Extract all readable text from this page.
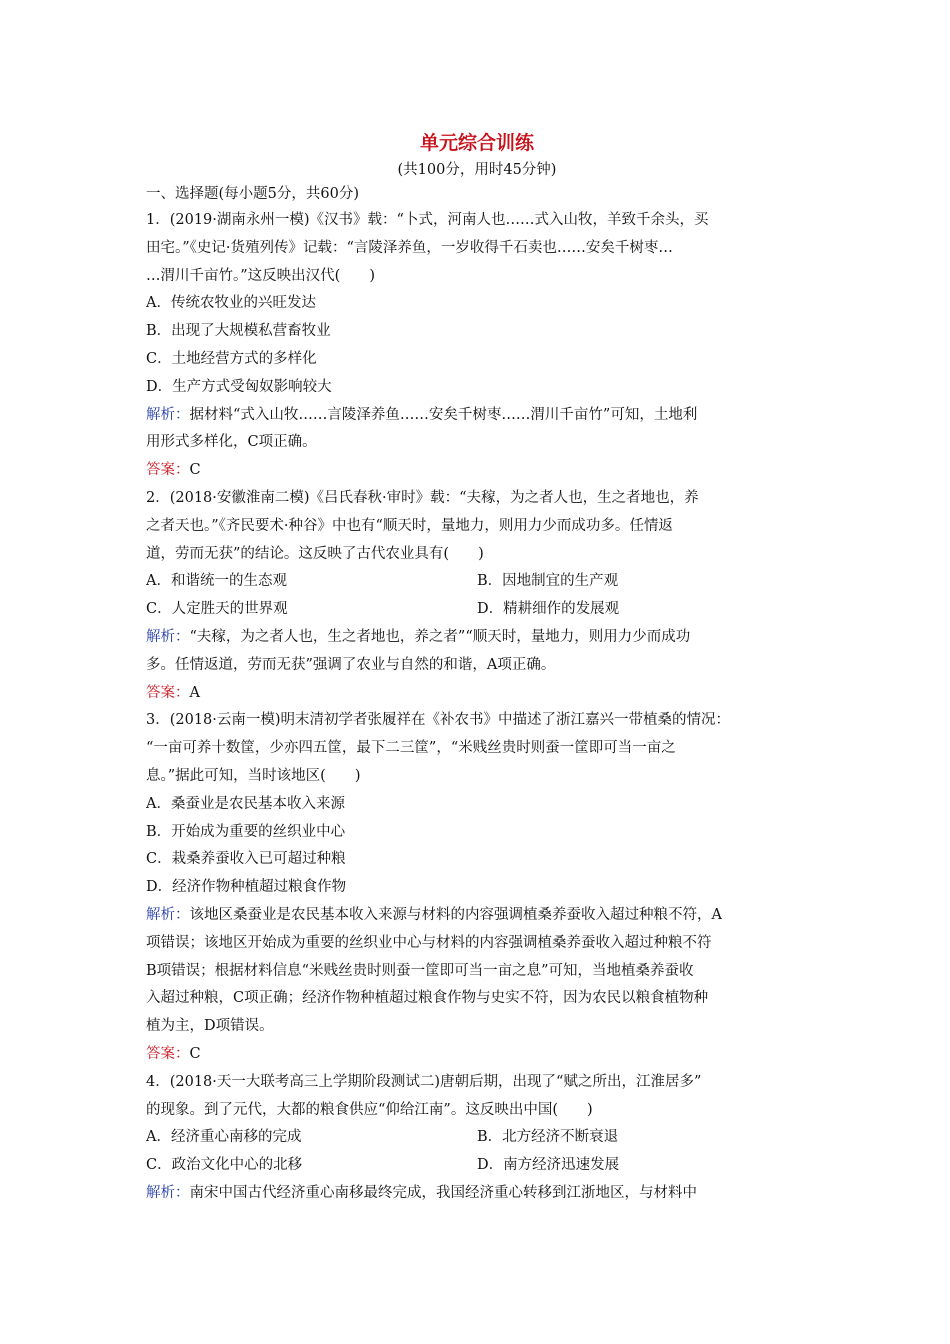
单元综合训练
(共100分，用时45分钟)
一、选择题(每小题5分，共60分)
1．(2019·湖南永州一模)《汉书》载：“卜式，河南人也……式入山牧，羊致千余头，买
田宅。”《史记·货殖列传》记载：“言陵泽养鱼，一岁收得千石卖也……安矣千树枣…
…渭川千亩竹。”这反映出汉代(　　)
A．传统农牧业的兴旺发达
B．出现了大规模私营畜牧业
C．土地经营方式的多样化
D．生产方式受匈奴影响较大
解析：据材料“式入山牧……言陵泽养鱼……安矣千树枣……渭川千亩竹”可知，土地利
用形式多样化，C项正确。
答案：C
2．(2018·安徽淮南二模)《吕氏春秋·审时》载：“夫稼，为之者人也，生之者地也，养
之者天也。”《齐民要术·种谷》中也有“顺天时，量地力，则用力少而成功多。任情返
道，劳而无获”的结论。这反映了古代农业具有(　　)
A．和谐统一的生态观	B．因地制宜的生产观
C．人定胜天的世界观	D．精耕细作的发展观
解析：“夫稼，为之者人也，生之者地也，养之者”“顺天时，量地力，则用力少而成功
多。任情返道，劳而无获”强调了农业与自然的和谐，A项正确。
答案：A
3．(2018·云南一模)明末清初学者张履祥在《补农书》中描述了浙江嘉兴一带植桑的情况：
“一亩可养十数筐，少亦四五筐，最下二三筐”，“米贱丝贵时则蚕一筐即可当一亩之
息。”据此可知，当时该地区(　　)
A．桑蚕业是农民基本收入来源
B．开始成为重要的丝织业中心
C．栽桑养蚕收入已可超过种粮
D．经济作物种植超过粮食作物
解析：该地区桑蚕业是农民基本收入来源与材料的内容强调植桑养蚕收入超过种粮不符，A
项错误；该地区开始成为重要的丝织业中心与材料的内容强调植桑养蚕收入超过种粮不符
B项错误；根据材料信息“米贱丝贵时则蚕一筐即可当一亩之息”可知，当地植桑养蚕收
入超过种粮，C项正确；经济作物种植超过粮食作物与史实不符，因为农民以粮食植物种
植为主，D项错误。
答案：C
4．(2018·天一大联考高三上学期阶段测试二)唐朝后期，出现了“赋之所出，江淮居多”
的现象。到了元代，大都的粮食供应“仰给江南”。这反映出中国(　　)
A．经济重心南移的完成	B．北方经济不断衰退
C．政治文化中心的北移	D．南方经济迅速发展
解析：南宋中国古代经济重心南移最终完成，我国经济重心转移到江浙地区，与材料中
